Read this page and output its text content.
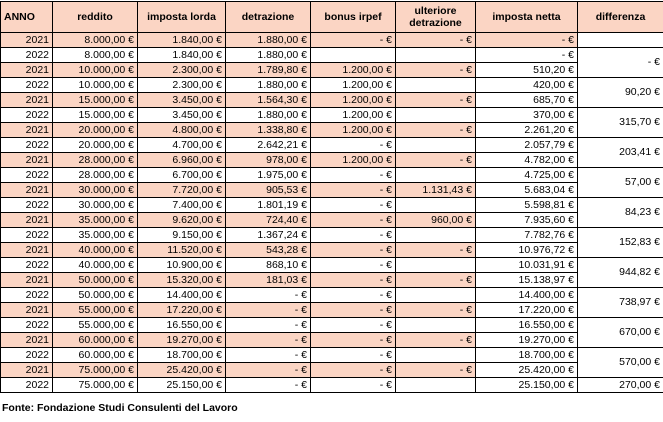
ANNO	reddito	imposta lorda	detrazione	bonus irpef	ulteriore detrazione	imposta netta	differenza
2021	8.000,00 €	1.840,00 €	1.880,00 €	- €	- €	- €	
2022	8.000,00 €	1.840,00 €	1.880,00 €			- €	- €
2021	10.000,00 €	2.300,00 €	1.789,80 €	1.200,00 €	- €	510,20 €	
2022	10.000,00 €	2.300,00 €	1.880,00 €	1.200,00 €		420,00 €	90,20 €
2021	15.000,00 €	3.450,00 €	1.564,30 €	1.200,00 €	- €	685,70 €	
2022	15.000,00 €	3.450,00 €	1.880,00 €	1.200,00 €		370,00 €	315,70 €
2021	20.000,00 €	4.800,00 €	1.338,80 €	1.200,00 €	- €	2.261,20 €	
2022	20.000,00 €	4.700,00 €	2.642,21 €	- €		2.057,79 €	203,41 €
2021	28.000,00 €	6.960,00 €	978,00 €	1.200,00 €	- €	4.782,00 €	
2022	28.000,00 €	6.700,00 €	1.975,00 €	- €		4.725,00 €	57,00 €
2021	30.000,00 €	7.720,00 €	905,53 €	- €	1.131,43 €	5.683,04 €	
2022	30.000,00 €	7.400,00 €	1.801,19 €	- €		5.598,81 €	84,23 €
2021	35.000,00 €	9.620,00 €	724,40 €	- €	960,00 €	7.935,60 €	
2022	35.000,00 €	9.150,00 €	1.367,24 €	- €		7.782,76 €	152,83 €
2021	40.000,00 €	11.520,00 €	543,28 €	- €	- €	10.976,72 €	
2022	40.000,00 €	10.900,00 €	868,10 €	- €		10.031,91 €	944,82 €
2021	50.000,00 €	15.320,00 €	181,03 €	- €	- €	15.138,97 €	
2022	50.000,00 €	14.400,00 €	- €	- €		14.400,00 €	738,97 €
2021	55.000,00 €	17.220,00 €	- €	- €	- €	17.220,00 €	
2022	55.000,00 €	16.550,00 €	- €	- €		16.550,00 €	670,00 €
2021	60.000,00 €	19.270,00 €	- €	- €	- €	19.270,00 €	
2022	60.000,00 €	18.700,00 €	- €	- €		18.700,00 €	570,00 €
2021	75.000,00 €	25.420,00 €	- €	- €	- €	25.420,00 €	
2022	75.000,00 €	25.150,00 €	- €	- €		25.150,00 €	270,00 €
Fonte: Fondazione Studi Consulenti del Lavoro
